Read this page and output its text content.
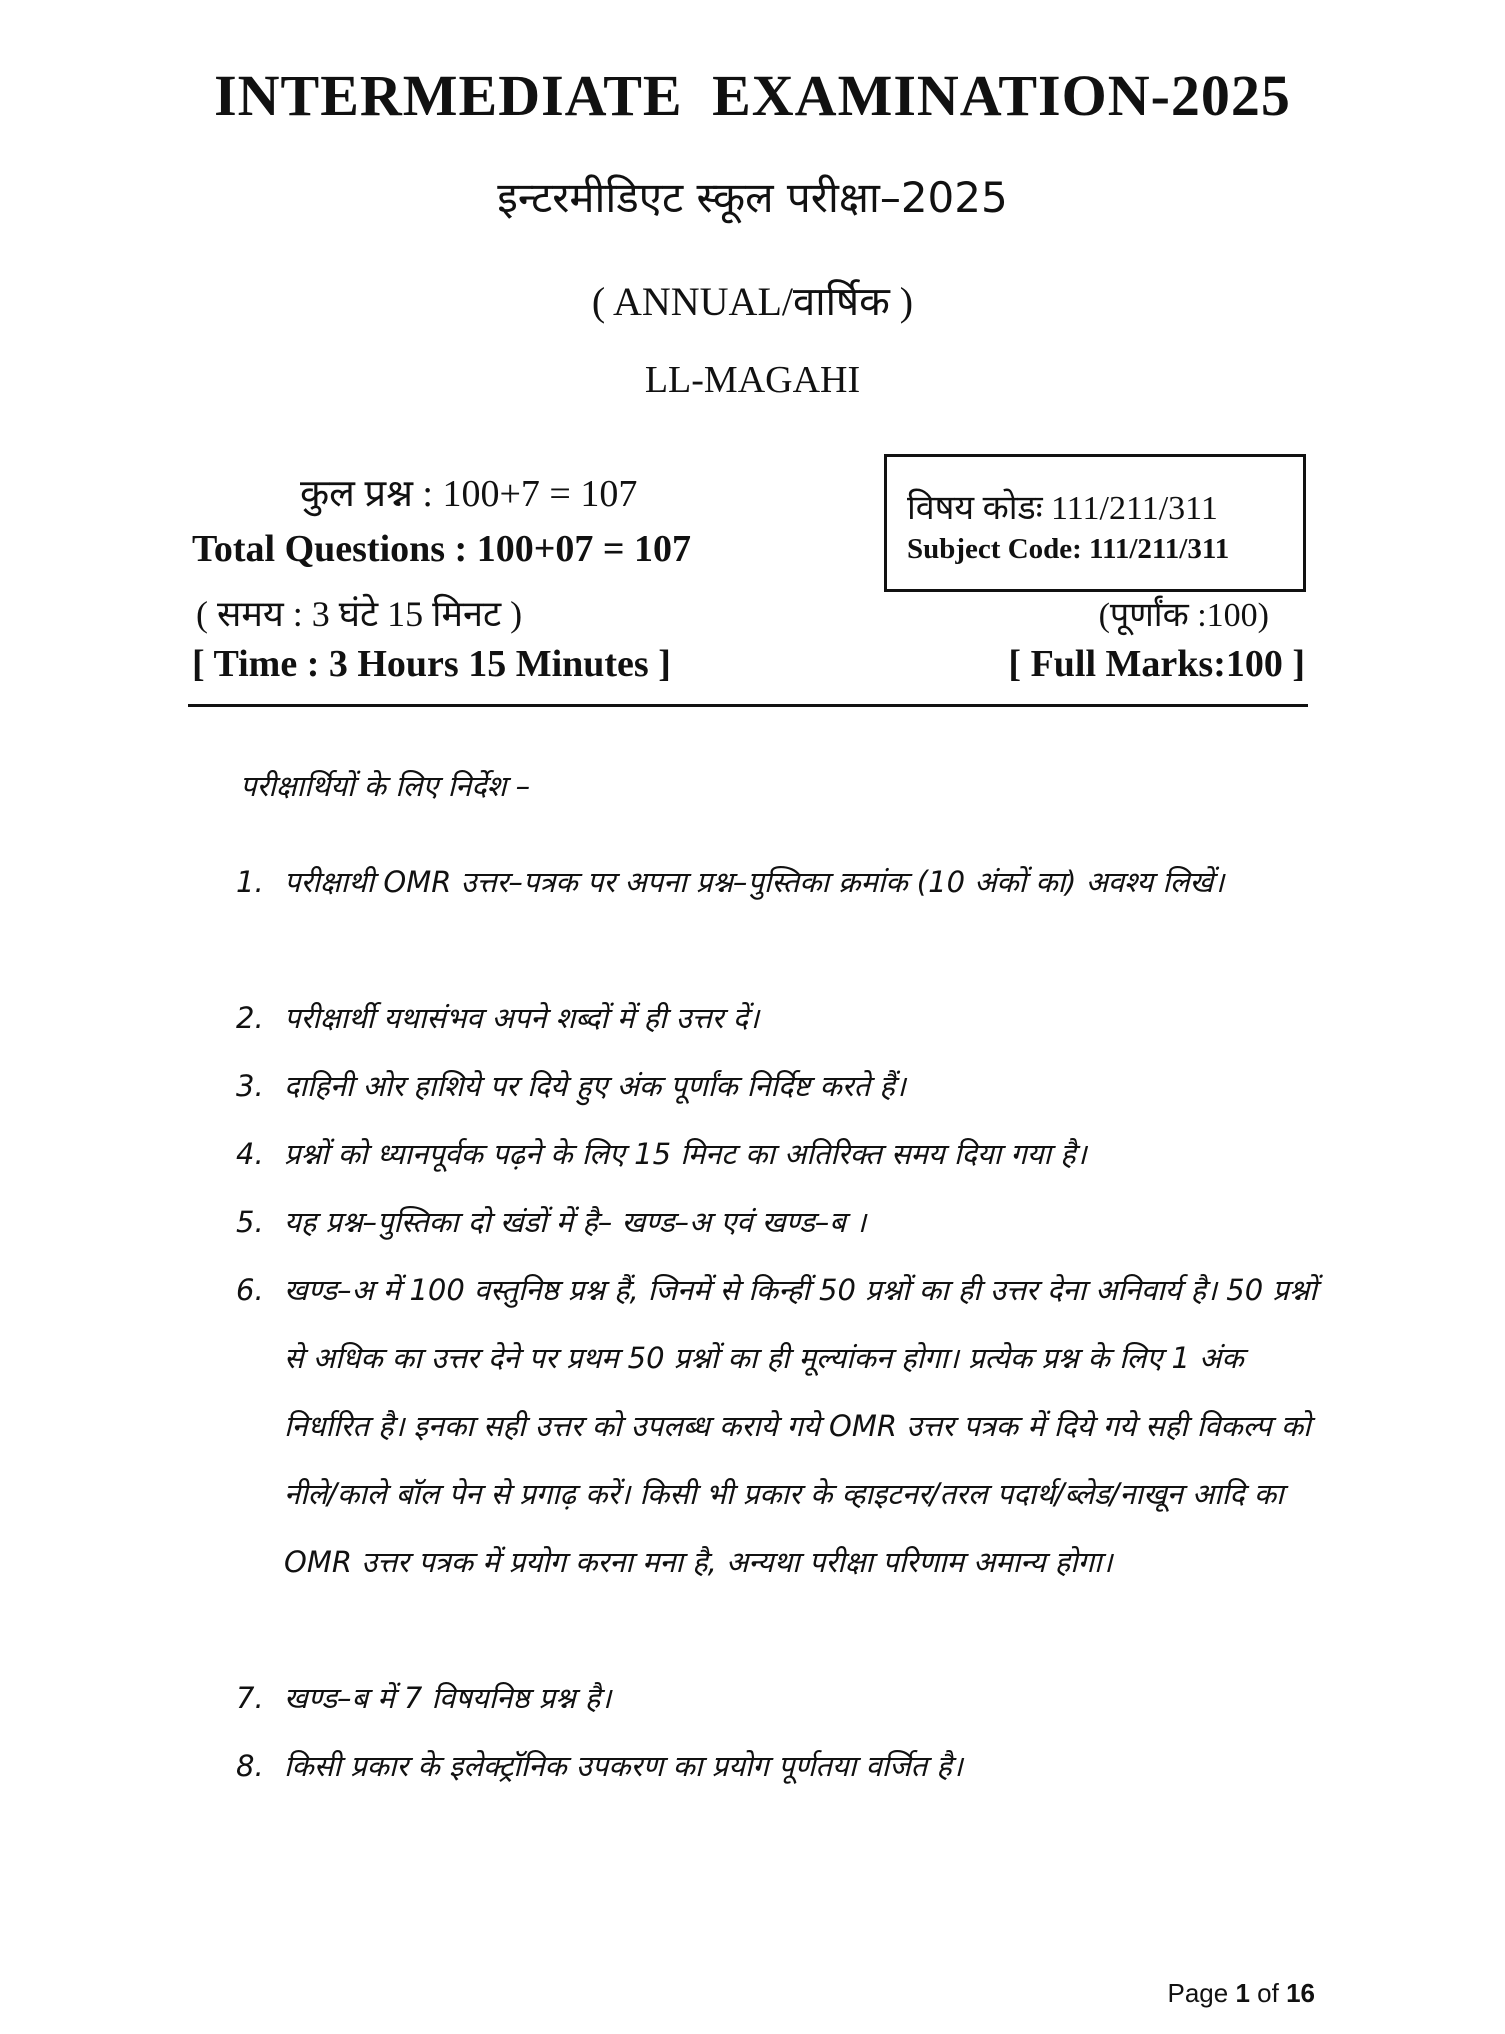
INTERMEDIATE EXAMINATION-2025
इन्टरमीडिएट स्कूल परीक्षा–2025
( ANNUAL/वार्षिक )
LL-MAGAHI
कुल प्रश्न : 100+7 = 107
Total Questions : 100+07 = 107
( समय : 3 घंटे 15 मिनट )
[ Time : 3 Hours 15 Minutes ]
विषय कोडः 111/211/311
Subject Code: 111/211/311
(पूर्णांक :100)
[ Full Marks:100 ]
परीक्षार्थियों के लिए निर्देश –
1. परीक्षाथी OMR उत्तर–पत्रक पर अपना प्रश्न–पुस्तिका क्रमांक (10 अंकों का) अवश्य लिखें।
2. परीक्षार्थी यथासंभव अपने शब्दों में ही उत्तर दें।
3. दाहिनी ओर हाशिये पर दिये हुए अंक पूर्णांक निर्दिष्ट करते हैं।
4. प्रश्नों को ध्यानपूर्वक पढ़ने के लिए 15 मिनट का अतिरिक्त समय दिया गया है।
5. यह प्रश्न–पुस्तिका दो खंडों में है– खण्ड–अ एवं खण्ड–ब ।
6. खण्ड–अ में 100 वस्तुनिष्ठ प्रश्न हैं, जिनमें से किन्हीं 50 प्रश्नों का ही उत्तर देना अनिवार्य है। 50 प्रश्नों से अधिक का उत्तर देने पर प्रथम 50 प्रश्नों का ही मूल्यांकन होगा। प्रत्येक प्रश्न के लिए 1 अंक निर्धारित है। इनका सही उत्तर को उपलब्ध कराये गये OMR उत्तर पत्रक में दिये गये सही विकल्प को नीले/काले बॉल पेन से प्रगाढ़ करें। किसी भी प्रकार के व्हाइटनर/तरल पदार्थ/ब्लेड/नाखून आदि का OMR उत्तर पत्रक में प्रयोग करना मना है, अन्यथा परीक्षा परिणाम अमान्य होगा।
7. खण्ड–ब में 7 विषयनिष्ठ प्रश्न है।
8. किसी प्रकार के इलेक्ट्रॉनिक उपकरण का प्रयोग पूर्णतया वर्जित है।
Page 1 of 16
